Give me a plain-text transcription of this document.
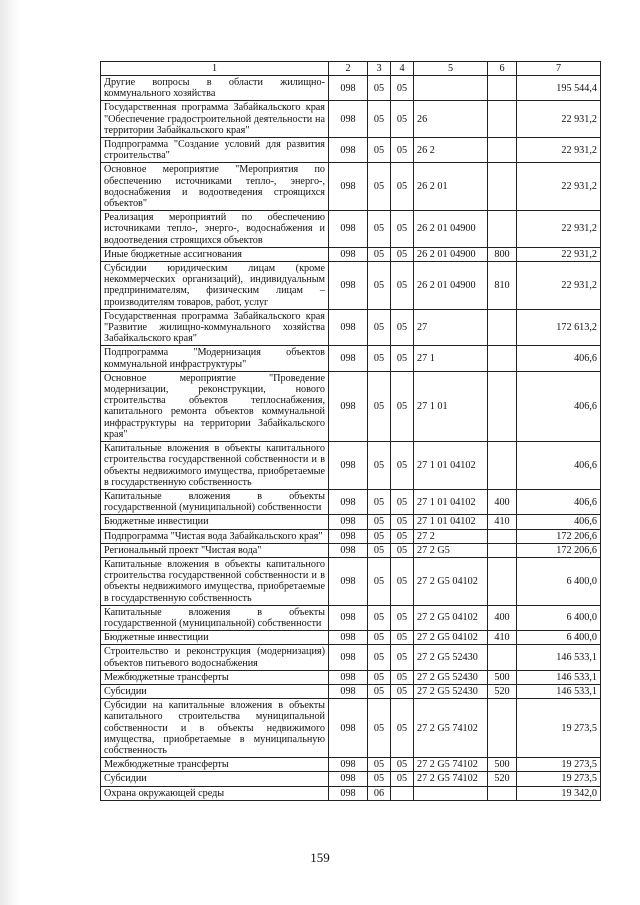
1	2	3	4	5	6	7
Другие вопросы в области жилищно-коммунального хозяйства	098	05	05			195 544,4
Государственная программа Забайкальского края "Обеспечение градостроительной деятельности на территории Забайкальского края"	098	05	05	26		22 931,2
Подпрограмма "Создание условий для развития строительства"	098	05	05	26 2		22 931,2
Основное мероприятие "Мероприятия по обеспечению источниками тепло-, энерго-, водоснабжения и водоотведения строящихся объектов"	098	05	05	26 2 01		22 931,2
Реализация мероприятий по обеспечению источниками тепло-, энерго-, водоснабжения и водоотведения строящихся объектов	098	05	05	26 2 01 04900		22 931,2
Иные бюджетные ассигнования	098	05	05	26 2 01 04900	800	22 931,2
Субсидии юридическим лицам (кроме некоммерческих организаций), индивидуальным предпринимателям, физическим лицам – производителям товаров, работ, услуг	098	05	05	26 2 01 04900	810	22 931,2
Государственная программа Забайкальского края "Развитие жилищно-коммунального хозяйства Забайкальского края"	098	05	05	27		172 613,2
Подпрограмма "Модернизация объектов коммунальной инфраструктуры"	098	05	05	27 1		406,6
Основное мероприятие "Проведение модернизации, реконструкции, нового строительства объектов теплоснабжения, капитального ремонта объектов коммунальной инфраструктуры на территории Забайкальского края"	098	05	05	27 1 01		406,6
Капитальные вложения в объекты капитального строительства государственной собственности и в объекты недвижимого имущества, приобретаемые в государственную собственность	098	05	05	27 1 01 04102		406,6
Капитальные вложения в объекты государственной (муниципальной) собственности	098	05	05	27 1 01 04102	400	406,6
Бюджетные инвестиции	098	05	05	27 1 01 04102	410	406,6
Подпрограмма "Чистая вода Забайкальского края"	098	05	05	27 2		172 206,6
Региональный проект "Чистая вода"	098	05	05	27 2 G5		172 206,6
Капитальные вложения в объекты капитального строительства государственной собственности и в объекты недвижимого имущества, приобретаемые в государственную собственность	098	05	05	27 2 G5 04102		6 400,0
Капитальные вложения в объекты государственной (муниципальной) собственности	098	05	05	27 2 G5 04102	400	6 400,0
Бюджетные инвестиции	098	05	05	27 2 G5 04102	410	6 400,0
Строительство и реконструкция (модернизация) объектов питьевого водоснабжения	098	05	05	27 2 G5 52430		146 533,1
Межбюджетные трансферты	098	05	05	27 2 G5 52430	500	146 533,1
Субсидии	098	05	05	27 2 G5 52430	520	146 533,1
Субсидии на капитальные вложения в объекты капитального строительства муниципальной собственности и в объекты недвижимого имущества, приобретаемые в муниципальную собственность	098	05	05	27 2 G5 74102		19 273,5
Межбюджетные трансферты	098	05	05	27 2 G5 74102	500	19 273,5
Субсидии	098	05	05	27 2 G5 74102	520	19 273,5
Охрана окружающей среды	098	06				19 342,0
159
